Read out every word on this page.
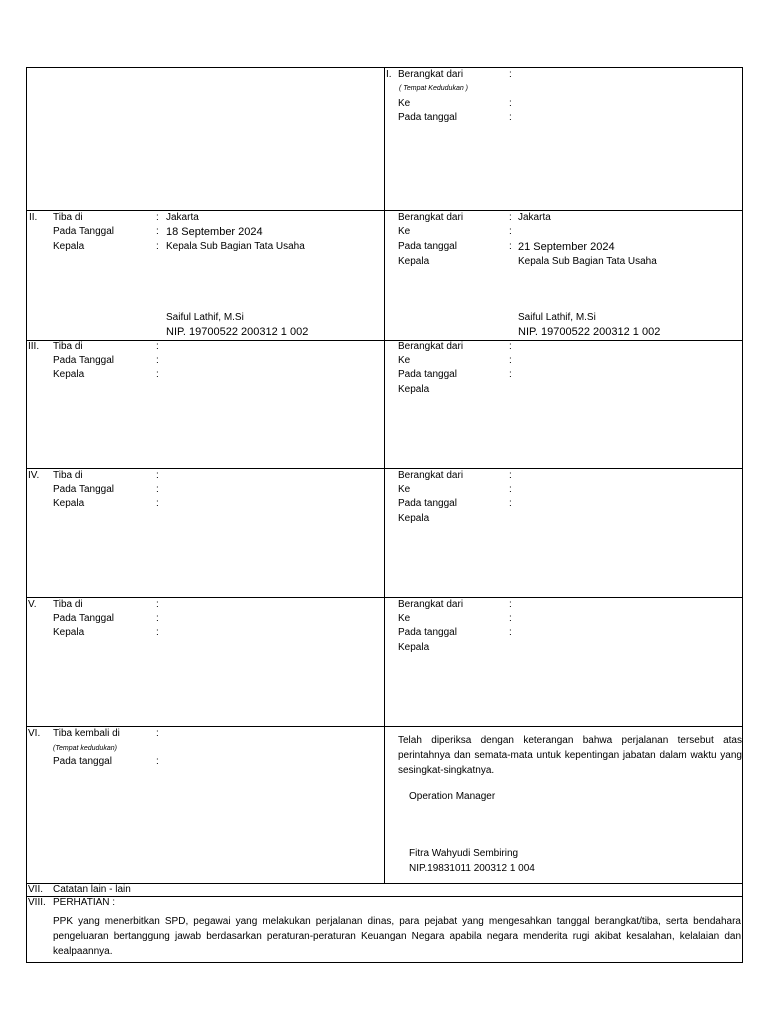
I. Berangkat dari	:
( Tempat Kedudukan )
Ke	:
Pada tanggal	:
II. Tiba di	: Jakarta
Pada Tanggal	: 18 September 2024
Kepala	: Kepala Sub Bagian Tata Usaha
Saiful Lathif, M.Si
NIP. 19700522 200312 1 002
Berangkat dari	: Jakarta
Ke	:
Pada tanggal	: 21 September 2024
Kepala	Kepala Sub Bagian Tata Usaha
Saiful Lathif, M.Si
NIP. 19700522 200312 1 002
III. Tiba di	:
Pada Tanggal	:
Kepala	:
Berangkat dari	:
Ke	:
Pada tanggal	:
Kepala
IV. Tiba di	:
Pada Tanggal	:
Kepala	:
Berangkat dari	:
Ke	:
Pada tanggal	:
Kepala
V. Tiba di	:
Pada Tanggal	:
Kepala	:
Berangkat dari	:
Ke	:
Pada tanggal	:
Kepala
VI. Tiba kembali di	:
(Tempat kedudukan)
Pada tanggal	:
Telah diperiksa dengan keterangan bahwa perjalanan tersebut atas
perintahnya dan semata-mata untuk kepentingan jabatan dalam waktu yang
sesingkat-singkatnya.
Operation Manager
Fitra Wahyudi Sembiring
NIP.19831011 200312 1 004
VII. Catatan lain - lain
VIII. PERHATIAN :
PPK yang menerbitkan SPD, pegawai yang melakukan perjalanan dinas, para pejabat yang mengesahkan tanggal berangkat/tiba, serta bendahara
pengeluaran bertanggung jawab berdasarkan peraturan-peraturan Keuangan Negara apabila negara menderita rugi akibat kesalahan, kelalaian dan
kealpaannya.
